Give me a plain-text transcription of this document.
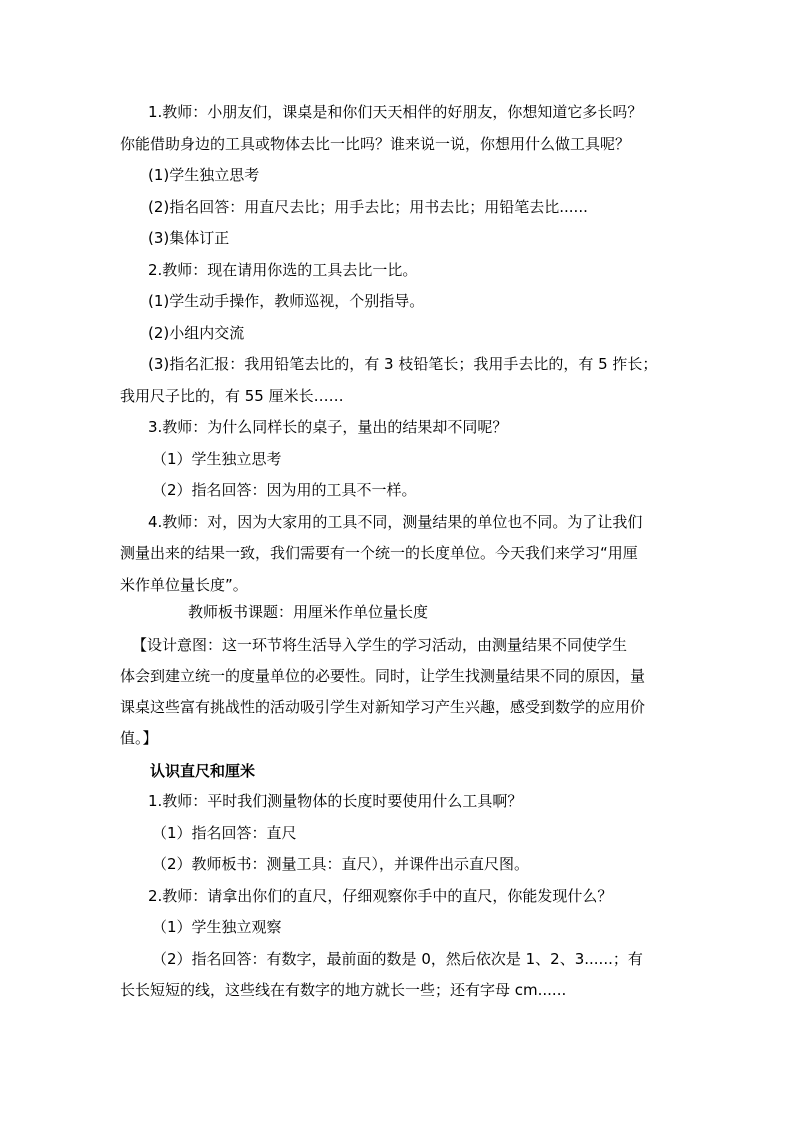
1.教师：小朋友们，课桌是和你们天天相伴的好朋友，你想知道它多长吗？
你能借助身边的工具或物体去比一比吗？谁来说一说，你想用什么做工具呢？
(1)学生独立思考
(2)指名回答：用直尺去比；用手去比；用书去比；用铅笔去比......
(3)集体订正
2.教师：现在请用你选的工具去比一比。
(1)学生动手操作，教师巡视，个别指导。
(2)小组内交流
(3)指名汇报：我用铅笔去比的，有 3 枝铅笔长；我用手去比的，有 5 拃长；
我用尺子比的，有 55 厘米长……
3.教师：为什么同样长的桌子，量出的结果却不同呢？
（1）学生独立思考
（2）指名回答：因为用的工具不一样。
4.教师：对，因为大家用的工具不同，测量结果的单位也不同。为了让我们
测量出来的结果一致，我们需要有一个统一的长度单位。今天我们来学习“用厘
米作单位量长度”。
教师板书课题：用厘米作单位量长度
【设计意图：这一环节将生活导入学生的学习活动，由测量结果不同使学生
体会到建立统一的度量单位的必要性。同时，让学生找测量结果不同的原因，量
课桌这些富有挑战性的活动吸引学生对新知学习产生兴趣，感受到数学的应用价
值。】
认识直尺和厘米
1.教师：平时我们测量物体的长度时要使用什么工具啊？
（1）指名回答：直尺
（2）教师板书：测量工具：直尺），并课件出示直尺图。
2.教师：请拿出你们的直尺，仔细观察你手中的直尺，你能发现什么？
（1）学生独立观察
（2）指名回答：有数字，最前面的数是 0，然后依次是 1、2、3......；有
长长短短的线，这些线在有数字的地方就长一些；还有字母 cm......
